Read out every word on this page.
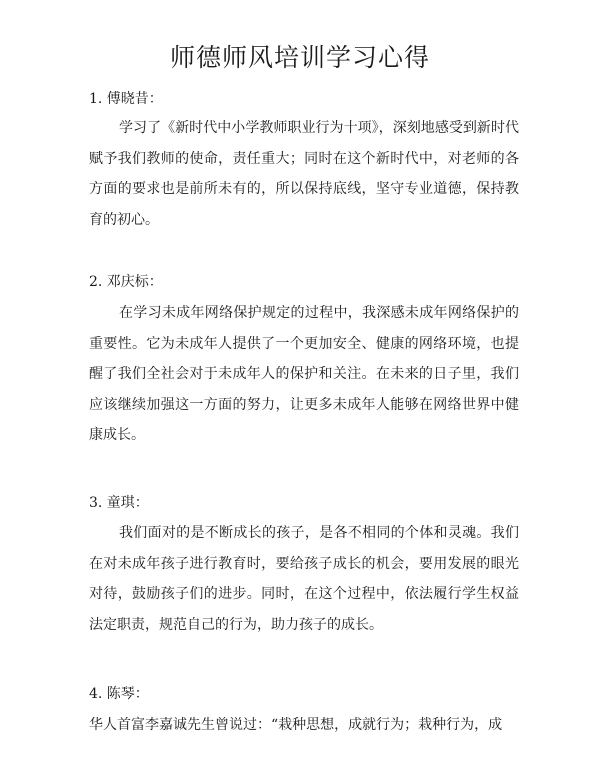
师德师风培训学习心得
1. 傅晓昔：

学习了《新时代中小学教师职业行为十项》，深刻地感受到新时代赋予我们教师的使命，责任重大；同时在这个新时代中，对老师的各方面的要求也是前所未有的，所以保持底线，坚守专业道德，保持教育的初心。

2. 邓庆标：

在学习未成年网络保护规定的过程中，我深感未成年网络保护的重要性。它为未成年人提供了一个更加安全、健康的网络环境，也提醒了我们全社会对于未成年人的保护和关注。在未来的日子里，我们应该继续加强这一方面的努力，让更多未成年人能够在网络世界中健康成长。

3. 童琪：

我们面对的是不断成长的孩子，是各不相同的个体和灵魂。我们在对未成年孩子进行教育时，要给孩子成长的机会，要用发展的眼光对待，鼓励孩子们的进步。同时，在这个过程中，依法履行学生权益法定职责，规范自己的行为，助力孩子的成长。

4. 陈琴：

华人首富李嘉诚先生曾说过：“栽种思想，成就行为；栽种行为，成
